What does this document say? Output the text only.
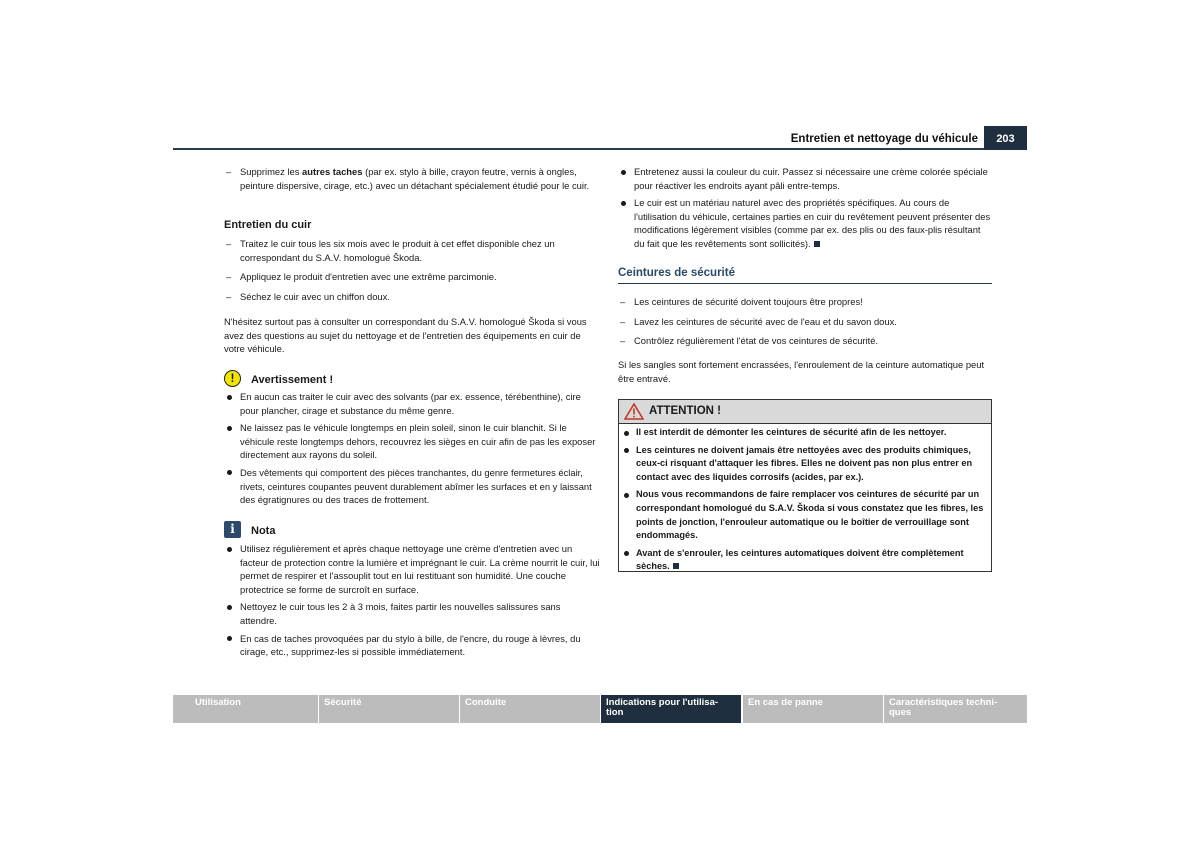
Entretien et nettoyage du véhicule	203

– Supprimez les autres taches (par ex. stylo à bille, crayon feutre, vernis à ongles, peinture dispersive, cirage, etc.) avec un détachant spécialement étudié pour le cuir.

Entretien du cuir

– Traitez le cuir tous les six mois avec le produit à cet effet disponible chez un correspondant du S.A.V. homologué Škoda.

– Appliquez le produit d'entretien avec une extrême parcimonie.

– Séchez le cuir avec un chiffon doux.

N'hésitez surtout pas à consulter un correspondant du S.A.V. homologué Škoda si vous avez des questions au sujet du nettoyage et de l'entretien des équipements en cuir de votre véhicule.
!	Avertissement !

En aucun cas traiter le cuir avec des solvants (par ex. essence, térébenthine), cire pour plancher, cirage et substance du même genre.

Ne laissez pas le véhicule longtemps en plein soleil, sinon le cuir blanchit. Si le véhicule reste longtemps dehors, recouvrez les sièges en cuir afin de pas les exposer directement aux rayons du soleil.

Des vêtements qui comportent des pièces tranchantes, du genre fermetures éclair, rivets, ceintures coupantes peuvent durablement abîmer les surfaces et en y laissant des égratignures ou des traces de frottement.

i	Nota

Utilisez régulièrement et après chaque nettoyage une crème d'entretien avec un facteur de protection contre la lumière et imprégnant le cuir. La crème nourrit le cuir, lui permet de respirer et l'assouplit tout en lui restituant son humidité. Une couche protectrice se forme de surcroît en surface.

Nettoyez le cuir tous les 2 à 3 mois, faites partir les nouvelles salissures sans attendre.

En cas de taches provoquées par du stylo à bille, de l'encre, du rouge à lèvres, du cirage, etc., supprimez-les si possible immédiatement.

Entretenez aussi la couleur du cuir. Passez si nécessaire une crème colorée spéciale pour réactiver les endroits ayant pâli entre-temps.

Le cuir est un matériau naturel avec des propriétés spécifiques. Au cours de l'utilisation du véhicule, certaines parties en cuir du revêtement peuvent présenter des modifications légèrement visibles (comme par ex. des plis ou des faux-plis résultant du fait que les revêtements sont sollicités).

Ceintures de sécurité

– Les ceintures de sécurité doivent toujours être propres!

– Lavez les ceintures de sécurité avec de l'eau et du savon doux.

– Contrôlez régulièrement l'état de vos ceintures de sécurité.

Si les sangles sont fortement encrassées, l'enroulement de la ceinture automatique peut être entravé.
ATTENTION !

Il est interdit de démonter les ceintures de sécurité afin de les nettoyer.

Les ceintures ne doivent jamais être nettoyées avec des produits chimiques, ceux-ci risquant d'attaquer les fibres. Elles ne doivent pas non plus entrer en contact avec des liquides corrosifs (acides, par ex.).

Nous vous recommandons de faire remplacer vos ceintures de sécurité par un correspondant homologué du S.A.V. Škoda si vous constatez que les fibres, les points de jonction, l'enrouleur automatique ou le boîtier de verrouillage sont endommagés.

Avant de s'enrouler, les ceintures automatiques doivent être complètement sèches.

Utilisation	Sécurité	Conduite	Indications pour l'utilisa-
tion
En cas de panne	Caractéristiques techni-
ques
